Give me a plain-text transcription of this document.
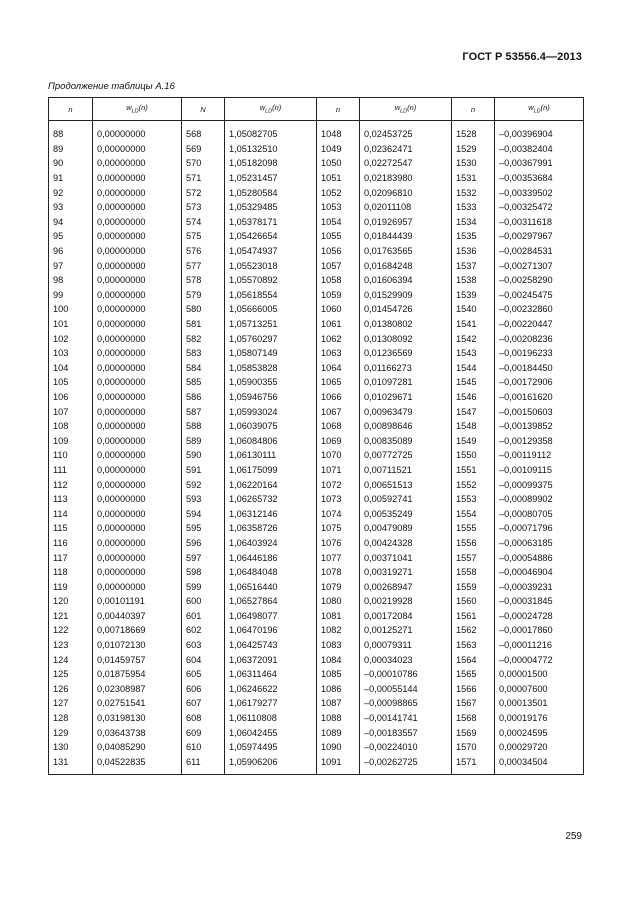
ГОСТ Р 53556.4—2013
Продолжение таблицы А.16
n	$w_{LD}(n)$	N	$w_{LD}(n)$	n	$w_{LD}(n)$	n	$w_{LD}(n)$

88	0,00000000	568	1,05082705	1048	0,02453725	1528	–0,00396904
89	0,00000000	569	1,05132510	1049	0,02362471	1529	–0,00382404
90	0,00000000	570	1,05182098	1050	0,02272547	1530	–0,00367991
91	0,00000000	571	1,05231457	1051	0,02183980	1531	–0,00353684
92	0,00000000	572	1,05280584	1052	0,02096810	1532	–0,00339502
93	0,00000000	573	1,05329485	1053	0,02011108	1533	–0,00325472
94	0,00000000	574	1,05378171	1054	0,01926957	1534	–0,00311618
95	0,00000000	575	1,05426654	1055	0,01844439	1535	–0,00297967
96	0,00000000	576	1,05474937	1056	0,01763565	1536	–0,00284531
97	0,00000000	577	1,05523018	1057	0,01684248	1537	–0,00271307
98	0,00000000	578	1,05570892	1058	0,01606394	1538	–0,00258290
99	0,00000000	579	1,05618554	1059	0,01529909	1539	–0,00245475
100	0,00000000	580	1,05666005	1060	0,01454726	1540	–0,00232860
101	0,00000000	581	1,05713251	1061	0,01380802	1541	–0,00220447
102	0,00000000	582	1,05760297	1062	0,01308092	1542	–0,00208236
103	0,00000000	583	1,05807149	1063	0,01236569	1543	–0,00196233
104	0,00000000	584	1,05853828	1064	0,01166273	1544	–0,00184450
105	0,00000000	585	1,05900355	1065	0,01097281	1545	–0,00172906
106	0,00000000	586	1,05946756	1066	0,01029671	1546	–0,00161620
107	0,00000000	587	1,05993024	1067	0,00963479	1547	–0,00150603
108	0,00000000	588	1,06039075	1068	0,00898646	1548	–0,00139852
109	0,00000000	589	1,06084806	1069	0,00835089	1549	–0,00129358
110	0,00000000	590	1,06130111	1070	0,00772725	1550	–0,00119112
111	0,00000000	591	1,06175099	1071	0,00711521	1551	–0,00109115
112	0,00000000	592	1,06220164	1072	0,00651513	1552	–0,00099375
113	0,00000000	593	1,06265732	1073	0,00592741	1553	–0,00089902
114	0,00000000	594	1,06312146	1074	0,00535249	1554	–0,00080705
115	0,00000000	595	1,06358726	1075	0,00479089	1555	–0,00071796
116	0,00000000	596	1,06403924	1076	0,00424328	1556	–0,00063185
117	0,00000000	597	1,06446186	1077	0,00371041	1557	–0,00054886
118	0,00000000	598	1,06484048	1078	0,00319271	1558	–0,00046904
119	0,00000000	599	1,06516440	1079	0,00268947	1559	–0,00039231
120	0,00101191	600	1,06527864	1080	0,00219928	1560	–0,00031845
121	0,00440397	601	1,06498077	1081	0,00172084	1561	–0,00024728
122	0,00718669	602	1,06470196	1082	0,00125271	1562	–0,00017860
123	0,01072130	603	1,06425743	1083	0,00079311	1563	–0,00011216
124	0,01459757	604	1,06372091	1084	0,00034023	1564	–0,00004772
125	0,01875954	605	1,06311464	1085	–0,00010786	1565	0,00001500
126	0,02308987	606	1,06246622	1086	–0,00055144	1566	0,00007600
127	0,02751541	607	1,06179277	1087	–0,00098865	1567	0,00013501
128	0,03198130	608	1,06110808	1088	–0,00141741	1568	0,00019176
129	0,03643738	609	1,06042455	1089	–0,00183557	1569	0,00024595
130	0,04085290	610	1,05974495	1090	–0,00224010	1570	0,00029720
131	0,04522835	611	1,05906206	1091	–0,00262725	1571	0,00034504
259
